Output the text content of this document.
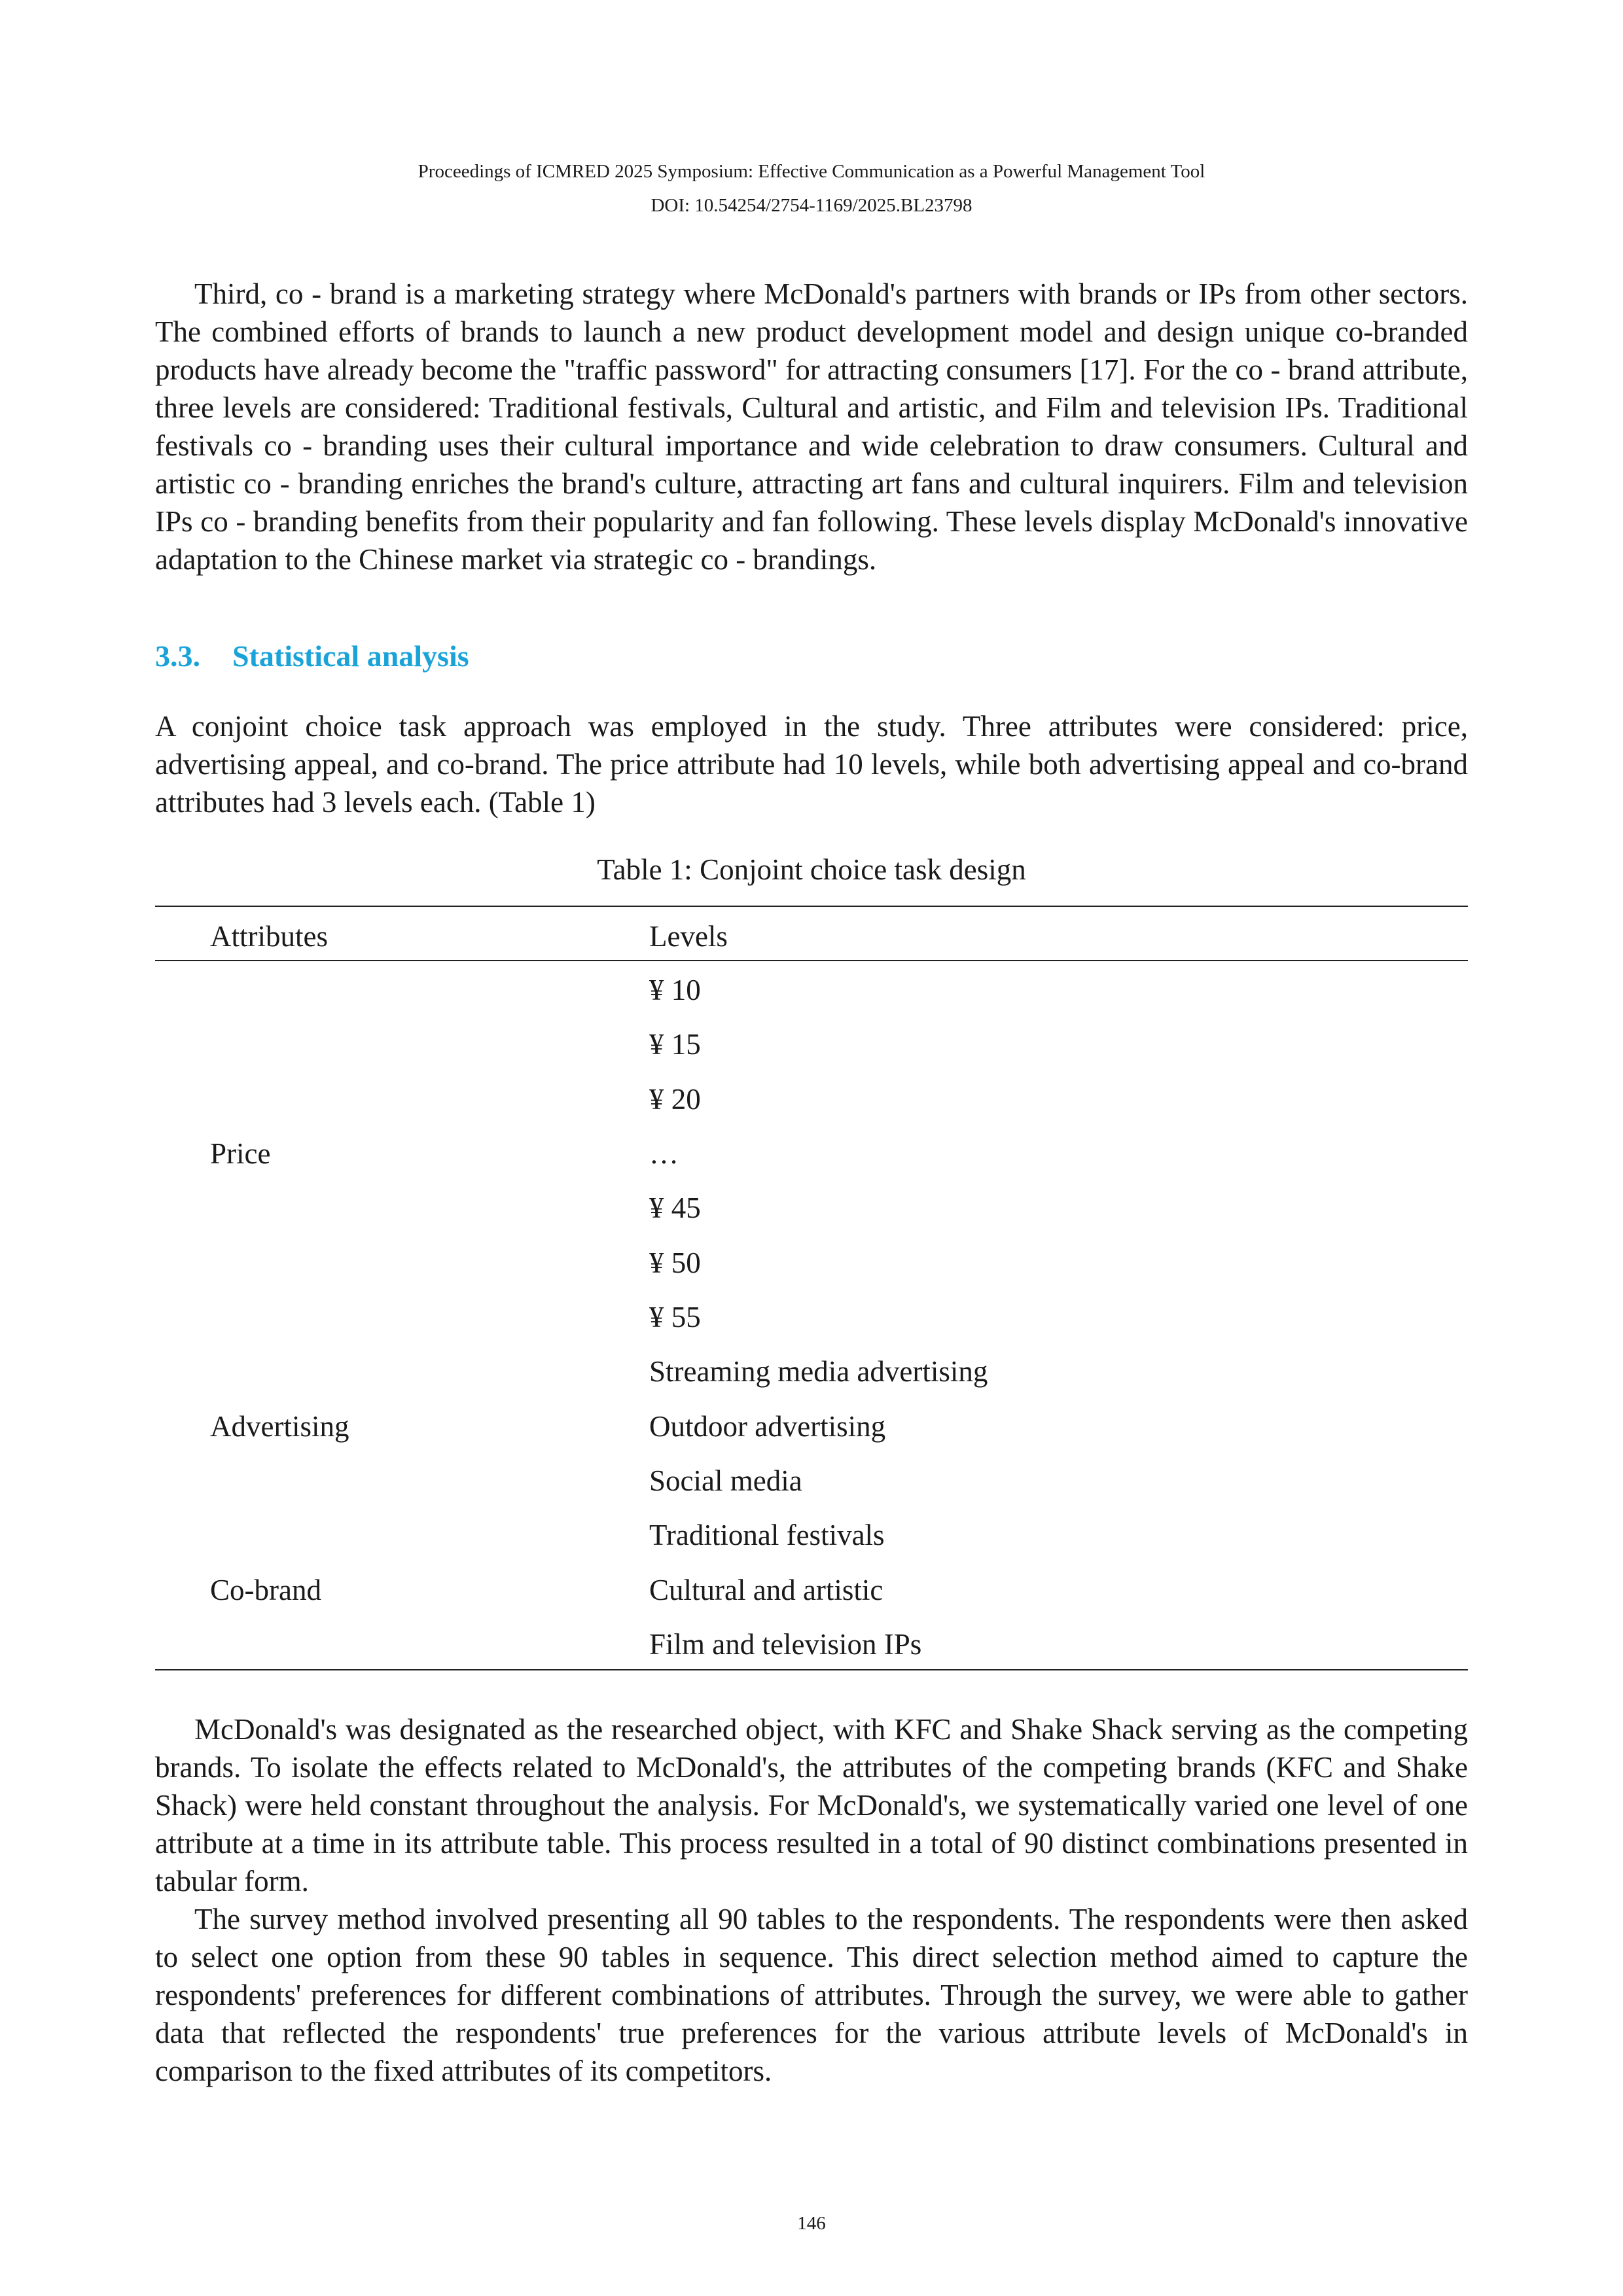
Proceedings of ICMRED 2025 Symposium: Effective Communication as a Powerful Management Tool
DOI: 10.54254/2754-1169/2025.BL23798

Third, co - brand is a marketing strategy where McDonald's partners with brands or IPs from other sectors. The combined efforts of brands to launch a new product development model and design unique co-branded products have already become the "traffic password" for attracting consumers [17]. For the co - brand attribute, three levels are considered: Traditional festivals, Cultural and artistic, and Film and television IPs. Traditional festivals co - branding uses their cultural importance and wide celebration to draw consumers. Cultural and artistic co - branding enriches the brand's culture, attracting art fans and cultural inquirers. Film and television IPs co - branding benefits from their popularity and fan following. These levels display McDonald's innovative adaptation to the Chinese market via strategic co - brandings.

3.3. Statistical analysis

A conjoint choice task approach was employed in the study. Three attributes were considered: price, advertising appeal, and co-brand. The price attribute had 10 levels, while both advertising appeal and co-brand attributes had 3 levels each. (Table 1)

Table 1: Conjoint choice task design
Attributes	Levels
Price
Advertising
Co-brand
¥ 10
¥ 15
¥ 20
…
¥ 45
¥ 50
¥ 55
Streaming media advertising
Outdoor advertising
Social media
Traditional festivals
Cultural and artistic
Film and television IPs

McDonald's was designated as the researched object, with KFC and Shake Shack serving as the competing brands. To isolate the effects related to McDonald's, the attributes of the competing brands (KFC and Shake Shack) were held constant throughout the analysis. For McDonald's, we systematically varied one level of one attribute at a time in its attribute table. This process resulted in a total of 90 distinct combinations presented in tabular form.

The survey method involved presenting all 90 tables to the respondents. The respondents were then asked to select one option from these 90 tables in sequence. This direct selection method aimed to capture the respondents' preferences for different combinations of attributes. Through the survey, we were able to gather data that reflected the respondents' true preferences for the various attribute levels of McDonald's in comparison to the fixed attributes of its competitors.

146
